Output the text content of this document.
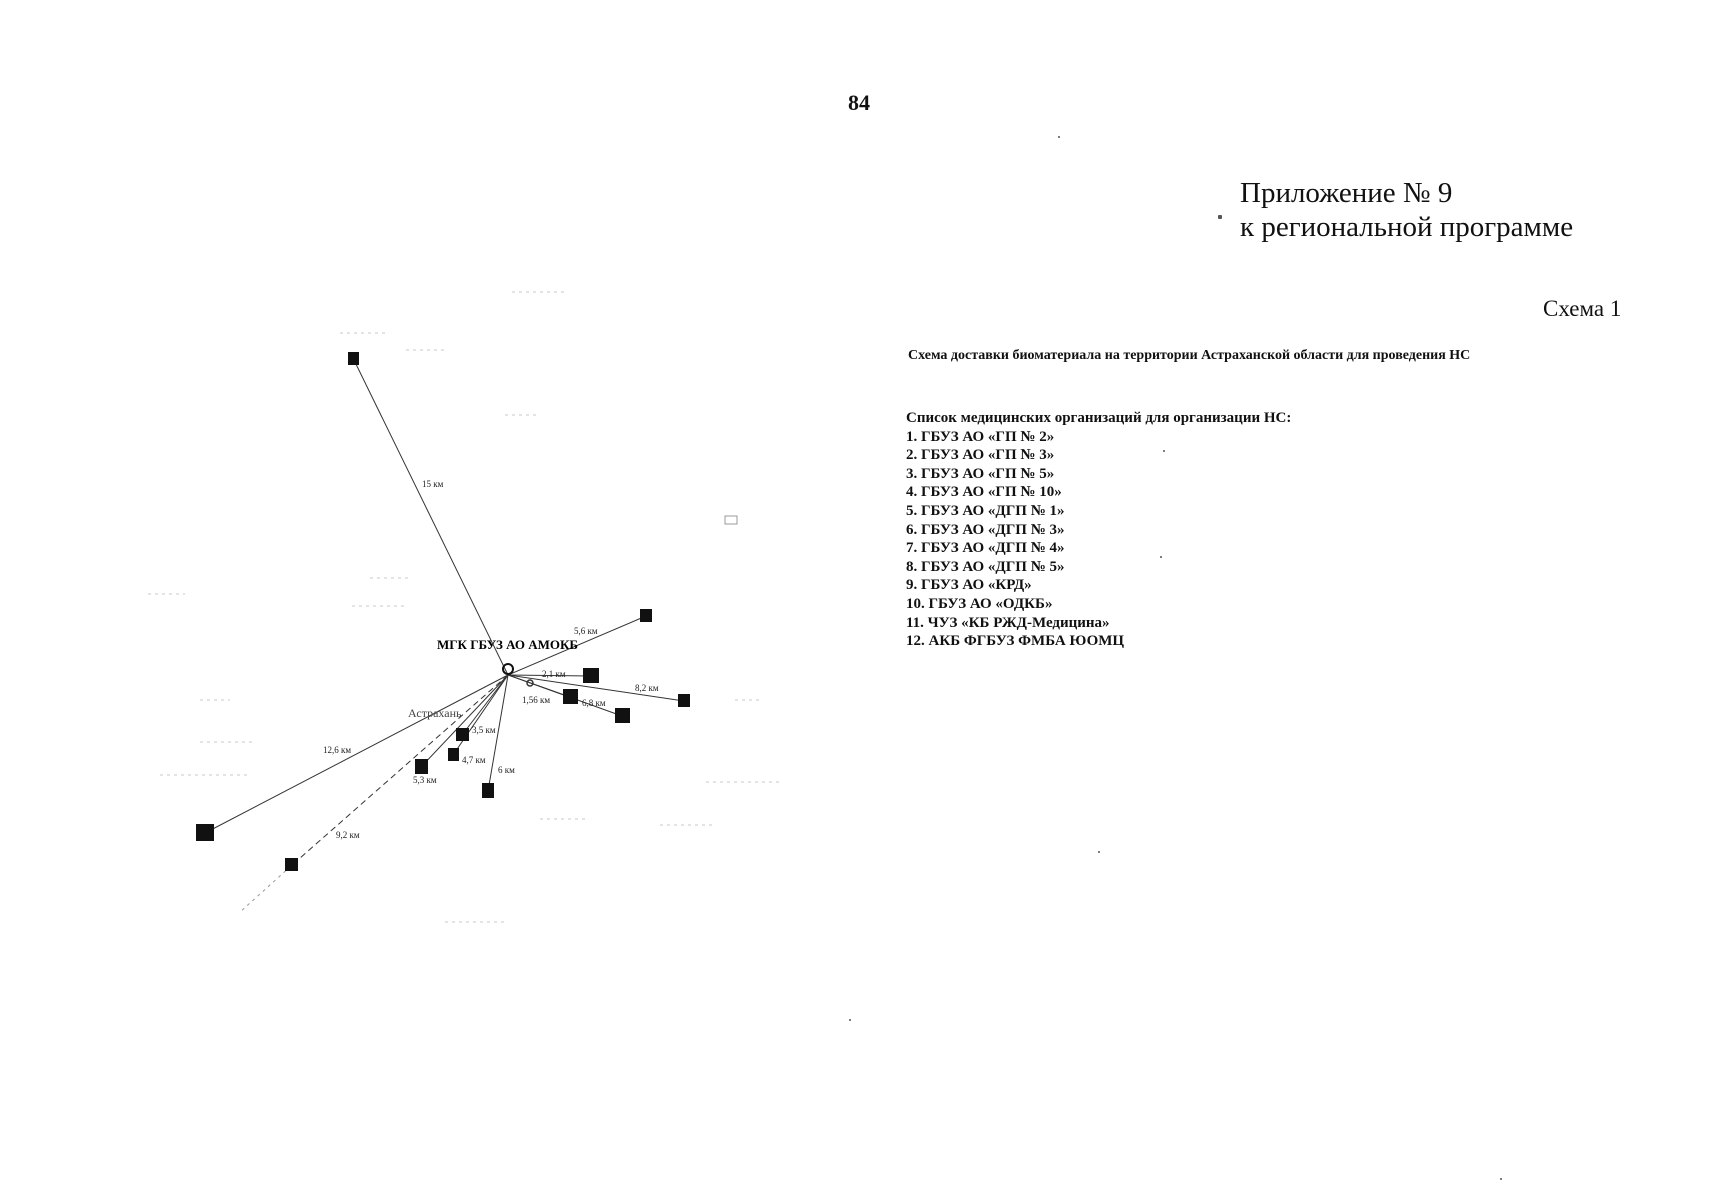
84
Приложение № 9
к региональной программе
Схема 1
Схема доставки биоматериала на территории Астраханской области для проведения НС
Список медицинских организаций для организации НС:
1. ГБУЗ АО «ГП № 2»
2. ГБУЗ АО «ГП № 3»
3. ГБУЗ АО «ГП № 5»
4. ГБУЗ АО «ГП № 10»
5. ГБУЗ АО «ДГП № 1»
6. ГБУЗ АО «ДГП № 3»
7. ГБУЗ АО «ДГП № 4»
8. ГБУЗ АО «ДГП № 5»
9. ГБУЗ АО «КРД»
10. ГБУЗ АО «ОДКБ»
11. ЧУЗ «КБ РЖД-Медицина»
12. АКБ ФГБУЗ ФМБА ЮОМЦ
МГК ГБУЗ АО АМОКБ
Астрахань
15 км
5,6 км
2,1 км
8,2 км
1,56 км	6,8 км
3,5 км
12,6 км
4,7 км
5,3 км
6 км
9,2 км
